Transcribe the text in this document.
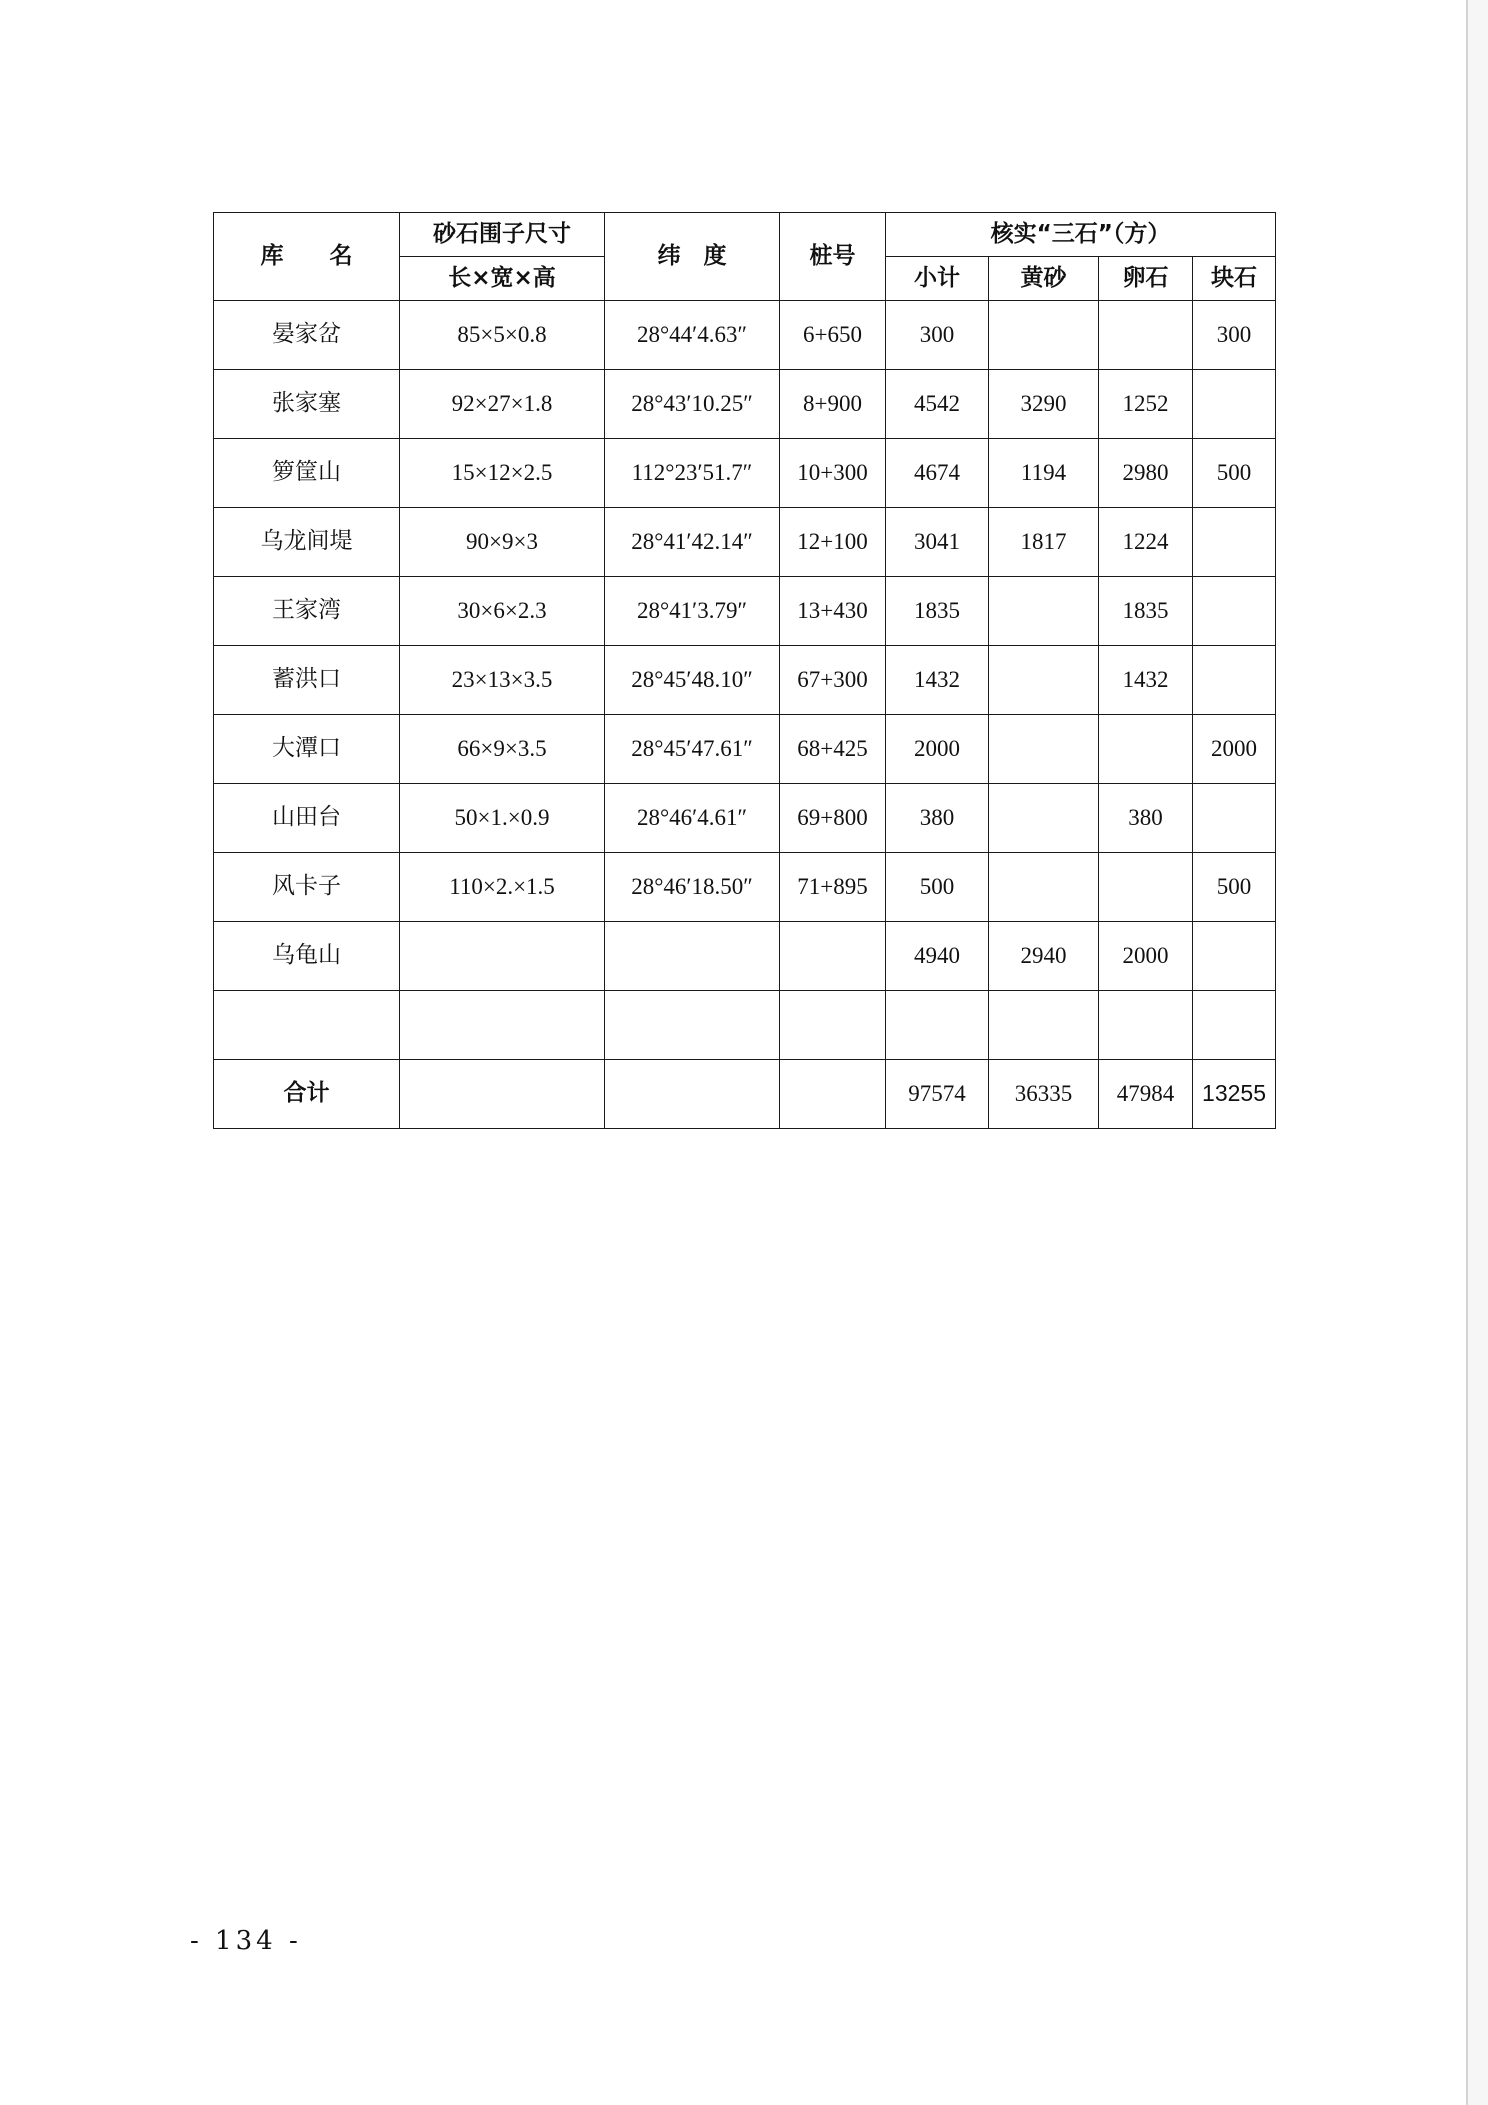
库　　名	砂石围子尺寸	纬　度	桩号	核实“三石”（方）			
	长×宽×高			小计	黄砂	卵石	块石
晏家岔	85×5×0.8	28°44′4.63″	6+650	300			300
张家塞	92×27×1.8	28°43′10.25″	8+900	4542	3290	1252	
箩筐山	15×12×2.5	112°23′51.7″	10+300	4674	1194	2980	500
乌龙间堤	90×9×3	28°41′42.14″	12+100	3041	1817	1224	
王家湾	30×6×2.3	28°41′3.79″	13+430	1835		1835	
蓄洪口	23×13×3.5	28°45′48.10″	67+300	1432		1432	
大潭口	66×9×3.5	28°45′47.61″	68+425	2000			2000
山田台	50×1.×0.9	28°46′4.61″	69+800	380		380	
风卡子	110×2.×1.5	28°46′18.50″	71+895	500			500
乌龟山				4940	2940	2000	

合计				97574	36335	47984	13255
- 134 -
